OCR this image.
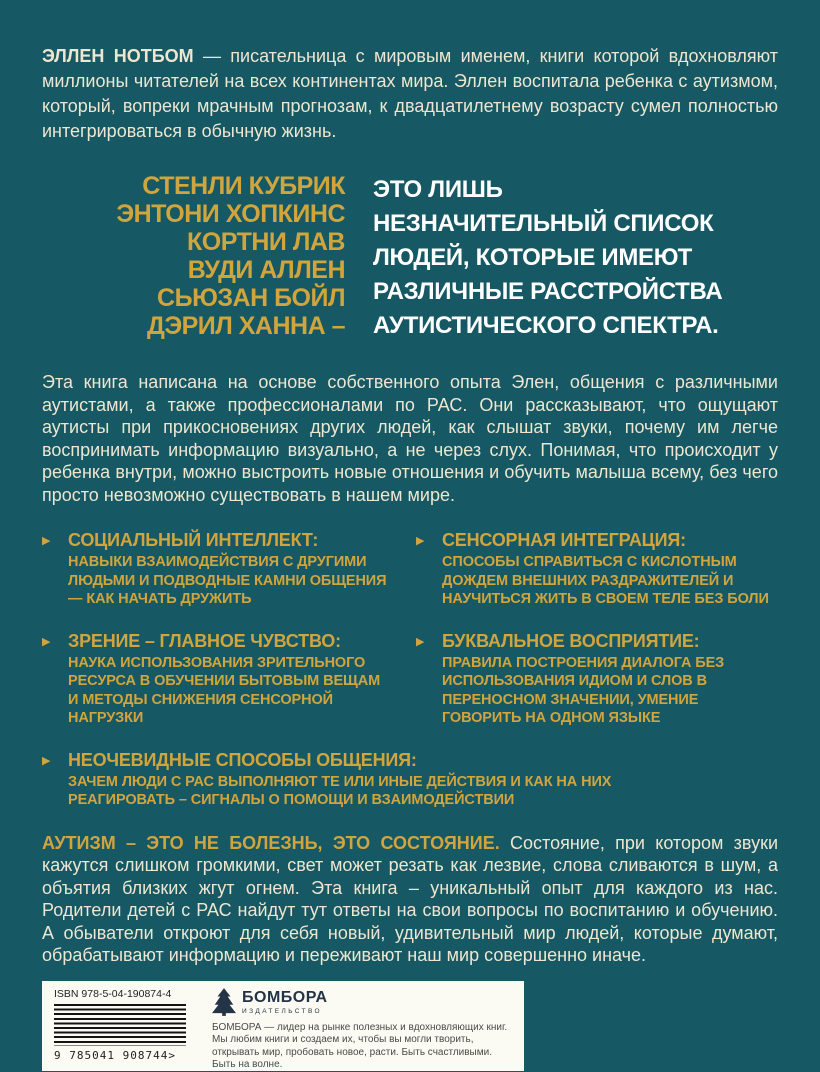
ЭЛЛЕН НОТБОМ — писательница с мировым именем, книги которой вдохновляют миллионы читателей на всех континентах мира. Эллен воспитала ребенка с аутизмом, который, вопреки мрачным прогнозам, к двадцатилетнему возрасту сумел полностью интегрироваться в обычную жизнь.

СТЕНЛИ КУБРИК
ЭНТОНИ ХОПКИНС
КОРТНИ ЛАВ
ВУДИ АЛЛЕН
СЬЮЗАН БОЙЛ
ДЭРИЛ ХАННА –
ЭТО ЛИШЬ
НЕЗНАЧИТЕЛЬНЫЙ СПИСОК
ЛЮДЕЙ, КОТОРЫЕ ИМЕЮТ
РАЗЛИЧНЫЕ РАССТРОЙСТВА
АУТИСТИЧЕСКОГО СПЕКТРА.

Эта книга написана на основе собственного опыта Элен, общения с различными аутистами, а также профессионалами по РАС. Они рассказывают, что ощущают аутисты при прикосновениях других людей, как слышат звуки, почему им легче воспринимать информацию визуально, а не через слух. Понимая, что происходит у ребенка внутри, можно выстроить новые отношения и обучить малыша всему, без чего просто невозможно существовать в нашем мире.

▶ СОЦИАЛЬНЫЙ ИНТЕЛЛЕКТ:
НАВЫКИ ВЗАИМОДЕЙСТВИЯ С ДРУГИМИ ЛЮДЬМИ И ПОДВОДНЫЕ КАМНИ ОБЩЕНИЯ — КАК НАЧАТЬ ДРУЖИТЬ
▶ СЕНСОРНАЯ ИНТЕГРАЦИЯ:
СПОСОБЫ СПРАВИТЬСЯ С КИСЛОТНЫМ ДОЖДЕМ ВНЕШНИХ РАЗДРАЖИТЕЛЕЙ И НАУЧИТЬСЯ ЖИТЬ В СВОЕМ ТЕЛЕ БЕЗ БОЛИ
▶ ЗРЕНИЕ – ГЛАВНОЕ ЧУВСТВО:
НАУКА ИСПОЛЬЗОВАНИЯ ЗРИТЕЛЬНОГО РЕСУРСА В ОБУЧЕНИИ БЫТОВЫМ ВЕЩАМ И МЕТОДЫ СНИЖЕНИЯ СЕНСОРНОЙ НАГРУЗКИ
▶ БУКВАЛЬНОЕ ВОСПРИЯТИЕ:
ПРАВИЛА ПОСТРОЕНИЯ ДИАЛОГА БЕЗ ИСПОЛЬЗОВАНИЯ ИДИОМ И СЛОВ В ПЕРЕНОСНОМ ЗНАЧЕНИИ, УМЕНИЕ ГОВОРИТЬ НА ОДНОМ ЯЗЫКЕ
▶ НЕОЧЕВИДНЫЕ СПОСОБЫ ОБЩЕНИЯ:
ЗАЧЕМ ЛЮДИ С РАС ВЫПОЛНЯЮТ ТЕ ИЛИ ИНЫЕ ДЕЙСТВИЯ И КАК НА НИХ РЕАГИРОВАТЬ – СИГНАЛЫ О ПОМОЩИ И ВЗАИМОДЕЙСТВИИ

АУТИЗМ – ЭТО НЕ БОЛЕЗНЬ, ЭТО СОСТОЯНИЕ. Состояние, при котором звуки кажутся слишком громкими, свет может резать как лезвие, слова сливаются в шум, а объятия близких жгут огнем. Эта книга – уникальный опыт для каждого из нас. Родители детей с РАС найдут тут ответы на свои вопросы по воспитанию и обучению. А обыватели откроют для себя новый, удивительный мир людей, которые думают, обрабатывают информацию и переживают наш мир совершенно иначе.

ISBN 978-5-04-190874-4
9 785041 908744>
БОМБОРА
ИЗДАТЕЛЬСТВО
БОМБОРА — лидер на рынке полезных и вдохновляющих книг. Мы любим книги и создаем их, чтобы вы могли творить, открывать мир, пробовать новое, расти. Быть счастливыми. Быть на волне.
